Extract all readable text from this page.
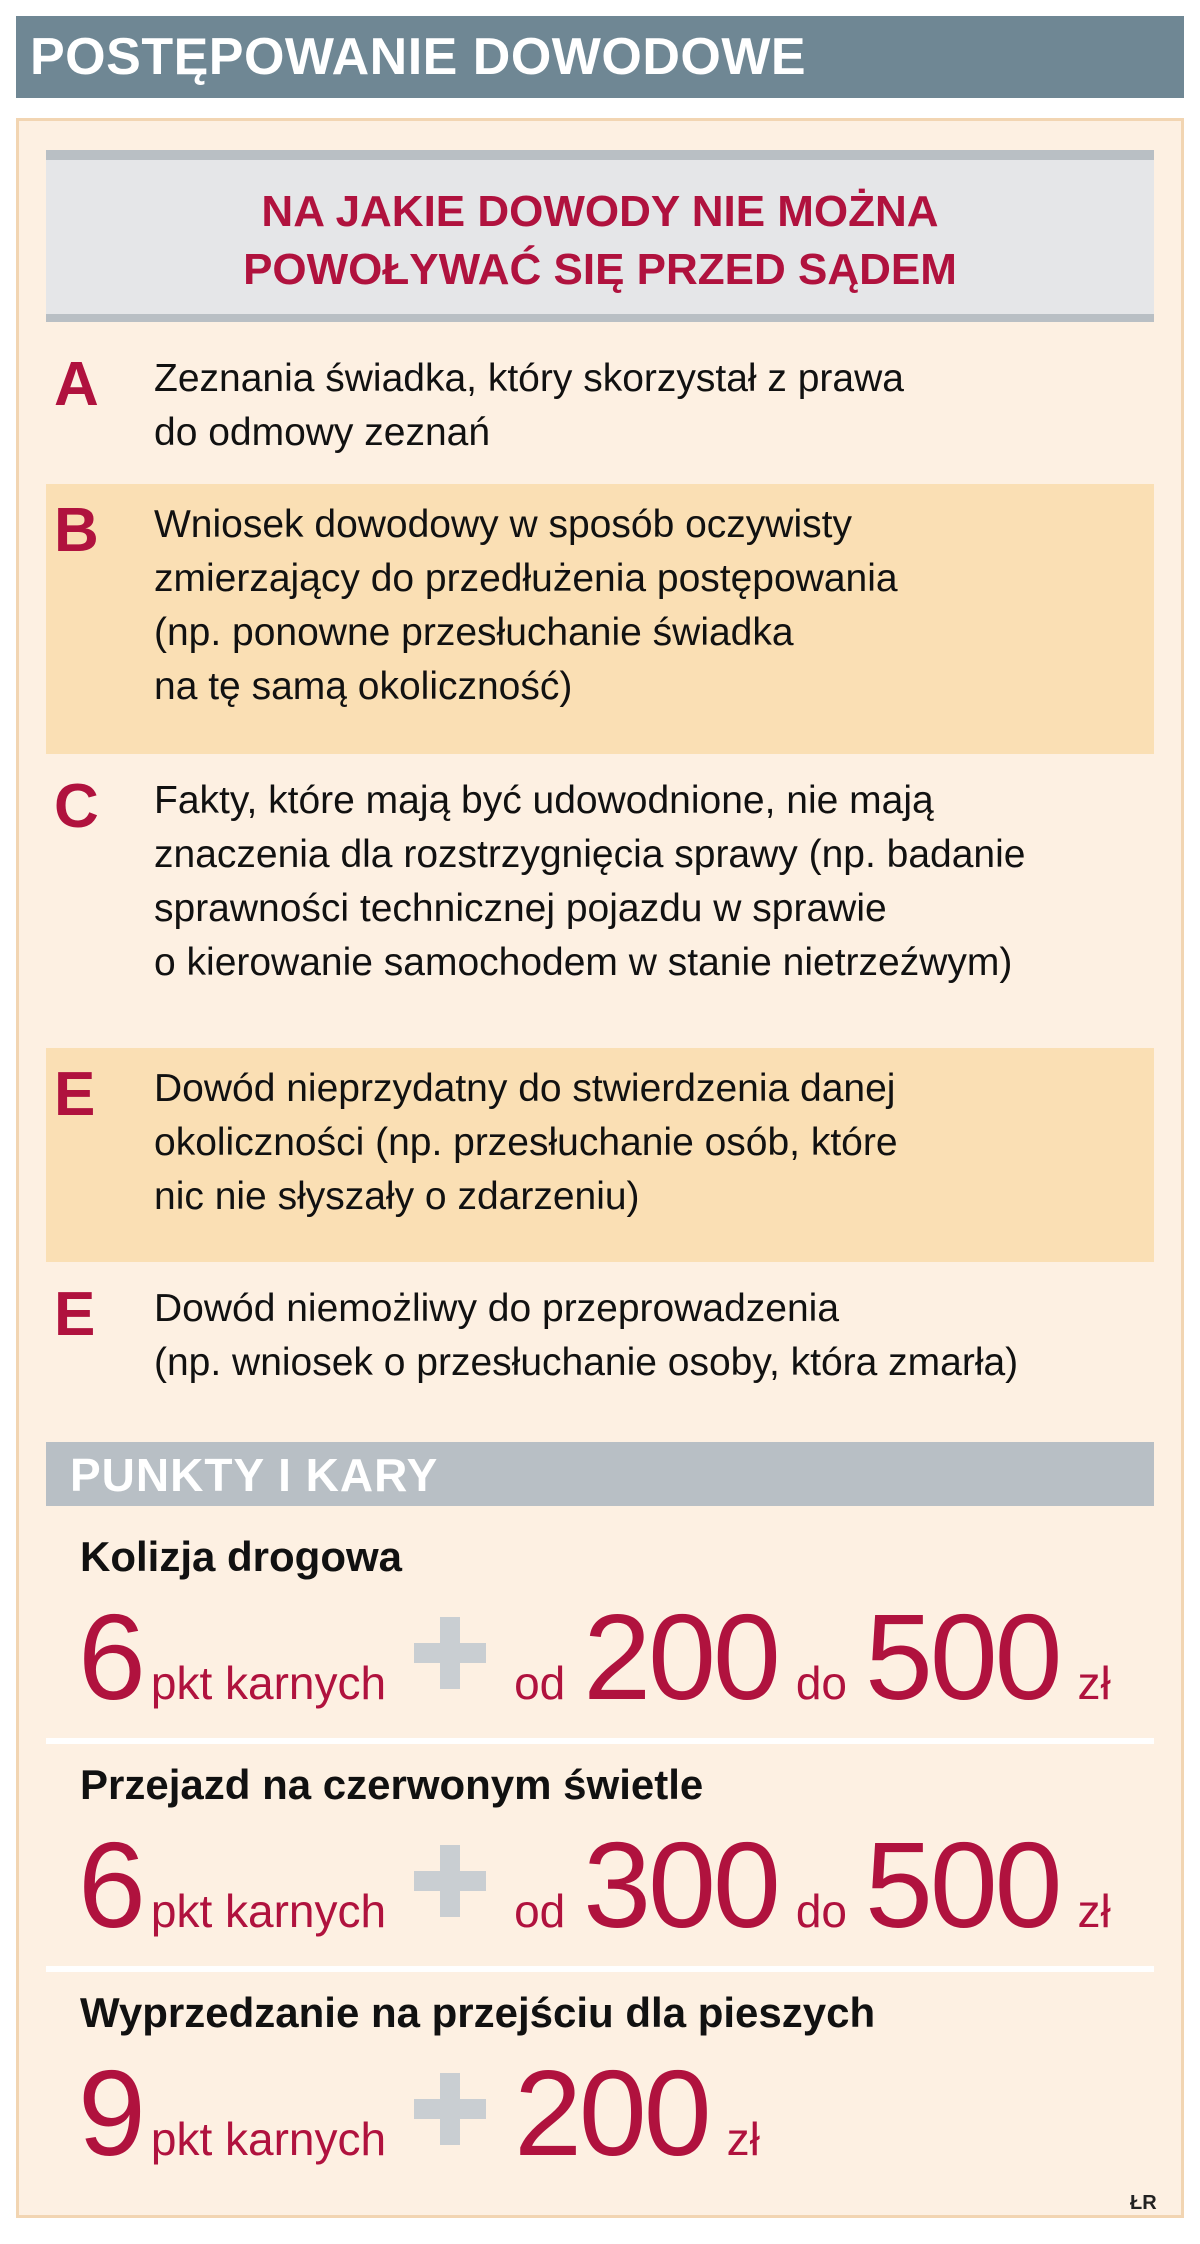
POSTĘPOWANIE DOWODOWE
NA JAKIE DOWODY NIE MOŻNA
POWOŁYWAĆ SIĘ PRZED SĄDEM
A Zeznania świadka, który skorzystał z prawa
do odmowy zeznań
B Wniosek dowodowy w sposób oczywisty
zmierzający do przedłużenia postępowania
(np. ponowne przesłuchanie świadka
na tę samą okoliczność)
C Fakty, które mają być udowodnione, nie mają
znaczenia dla rozstrzygnięcia sprawy (np. badanie
sprawności technicznej pojazdu w sprawie
o kierowanie samochodem w stanie nietrzeźwym)
E Dowód nieprzydatny do stwierdzenia danej
okoliczności (np. przesłuchanie osób, które
nic nie słyszały o zdarzeniu)
E Dowód niemożliwy do przeprowadzenia
(np. wniosek o przesłuchanie osoby, która zmarła)
PUNKTY I KARY
Kolizja drogowa
6 pkt karnych	od 200 do 500 zł
Przejazd na czerwonym świetle
6 pkt karnych	od 300 do 500 zł
Wyprzedzanie na przejściu dla pieszych
9 pkt karnych 200 zł
ŁR
